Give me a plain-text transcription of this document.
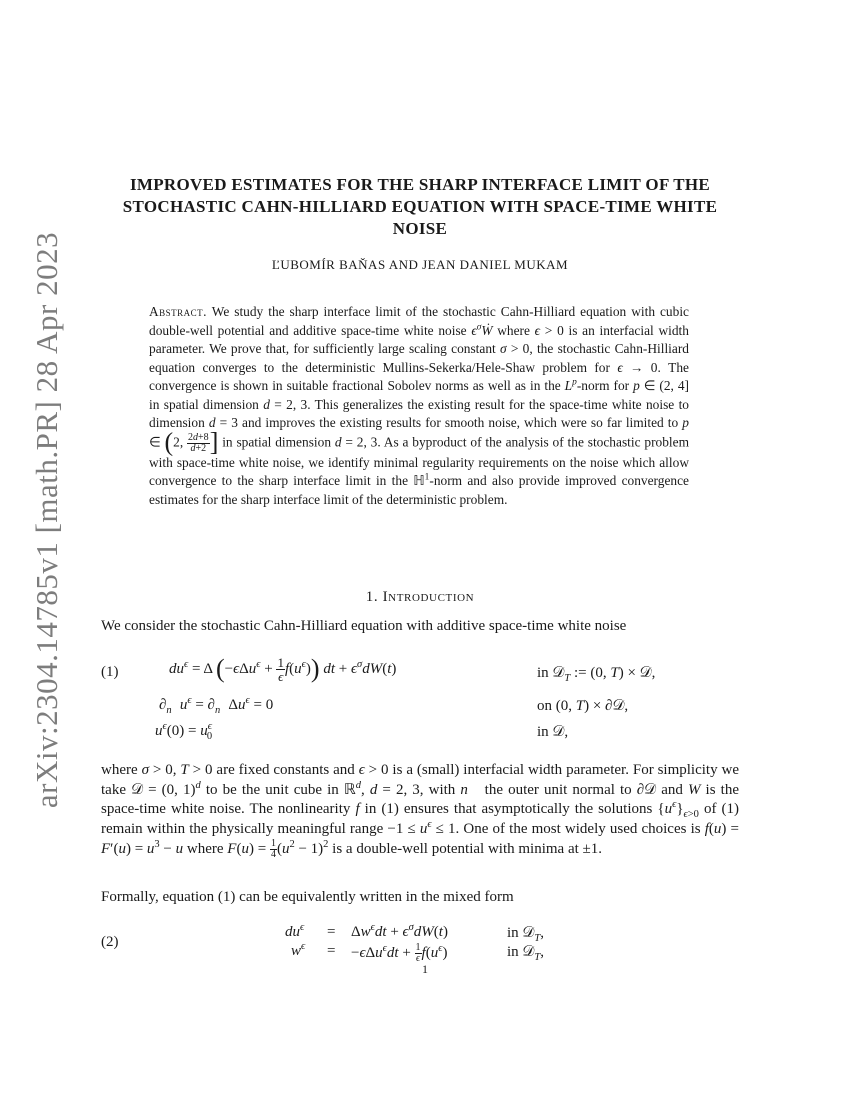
arXiv:2304.14785v1 [math.PR] 28 Apr 2023
IMPROVED ESTIMATES FOR THE SHARP INTERFACE LIMIT OF THE STOCHASTIC CAHN-HILLIARD EQUATION WITH SPACE-TIME WHITE NOISE
ĽUBOMÍR BAŇAS AND JEAN DANIEL MUKAM
Abstract. We study the sharp interface limit of the stochastic Cahn-Hilliard equation with cubic double-well potential and additive space-time white noise $\epsilon^\sigma Ẇ$ where ϵ > 0 is an interfacial width parameter. We prove that, for sufficiently large scaling constant σ > 0, the stochastic Cahn-Hilliard equation converges to the deterministic Mullins-Sekerka/Hele-Shaw problem for ϵ → 0. The convergence is shown in suitable fractional Sobolev norms as well as in the $L^p$-norm for p ∈ (2, 4] in spatial dimension d = 2, 3. This generalizes the existing result for the space-time white noise to dimension d = 3 and improves the existing results for smooth noise, which were so far limited to p ∈ (2, $\frac{2d+8}{d+2}$ ] in spatial dimension d = 2, 3. As a byproduct of the analysis of the stochastic problem with space-time white noise, we identify minimal regularity requirements on the noise which allow convergence to the sharp interface limit in the ℍ$^1$-norm and also provide improved convergence estimates for the sharp interface limit of the deterministic problem.
1. Introduction
We consider the stochastic Cahn-Hilliard equation with additive space-time white noise
(1)	$du^\epsilon = \Delta$ $(-\epsilon\Delta u^\epsilon + \frac{1}{\epsilon} f(u^\epsilon))$ dt + $\epsilon^\sigma dW(t)$	in 𝒟$_T$ := (0, T) × 𝒟,
$\partial_{n⃗}u^\epsilon = \partial_{n⃗}\Delta u^\epsilon = 0$	on (0, T) × ∂𝒟,
$u^\epsilon(0) = u^\epsilon_0$	in 𝒟,
where σ > 0, T > 0 are fixed constants and ϵ > 0 is a (small) interfacial width parameter. For simplicity we take 𝒟 = (0, 1)$^d$ to be the unit cube in ℝ$^d$, d = 2, 3, with n⃗ the outer unit normal to ∂𝒟 and W is the space-time white noise. The nonlinearity f in (1) ensures that asymptotically the solutions $\{u^\epsilon\}_{\epsilon>0}$ of (1) remain within the physically meaningful range $-1 \le u^\epsilon \le 1$. One of the most widely used choices is $f(u) = F'(u) = u^3 - u$ where $F(u) = \frac{1}{4} (u^2 - 1)^2$ is a double-well potential with minima at ±1.
Formally, equation (1) can be equivalently written in the mixed form
(2)
$du^\epsilon = \Delta w^\epsilon dt + \epsilon^\sigma dW(t)$	in 𝒟$_T$,
$w^\epsilon = -\epsilon\Delta u^\epsilon dt + \frac{1}{\epsilon} f(u^\epsilon)$	in 𝒟$_T$,
1
